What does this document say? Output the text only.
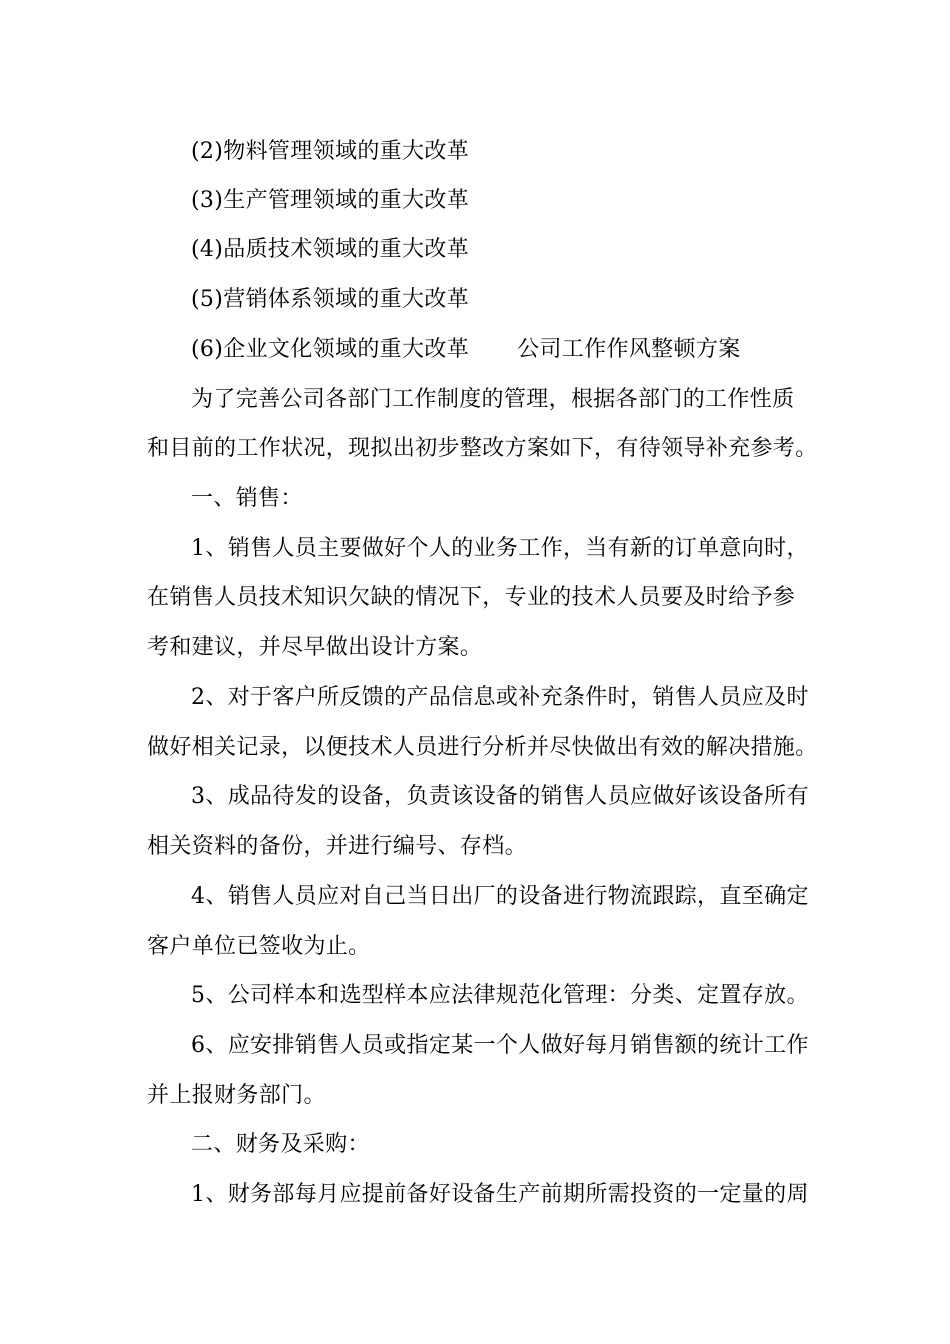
(2)物料管理领域的重大改革
(3)生产管理领域的重大改革
(4)品质技术领域的重大改革
(5)营销体系领域的重大改革
(6)企业文化领域的重大改革 公司工作作风整顿方案
为了完善公司各部门工作制度的管理，根据各部门的工作性质
和目前的工作状况，现拟出初步整改方案如下，有待领导补充参考。
一、销售：
1、销售人员主要做好个人的业务工作，当有新的订单意向时，
在销售人员技术知识欠缺的情况下，专业的技术人员要及时给予参
考和建议，并尽早做出设计方案。
2、对于客户所反馈的产品信息或补充条件时，销售人员应及时
做好相关记录，以便技术人员进行分析并尽快做出有效的解决措施。
3、成品待发的设备，负责该设备的销售人员应做好该设备所有
相关资料的备份，并进行编号、存档。
4、销售人员应对自己当日出厂的设备进行物流跟踪，直至确定
客户单位已签收为止。
5、公司样本和选型样本应法律规范化管理：分类、定置存放。
6、应安排销售人员或指定某一个人做好每月销售额的统计工作
并上报财务部门。
二、财务及采购：
1、财务部每月应提前备好设备生产前期所需投资的一定量的周
